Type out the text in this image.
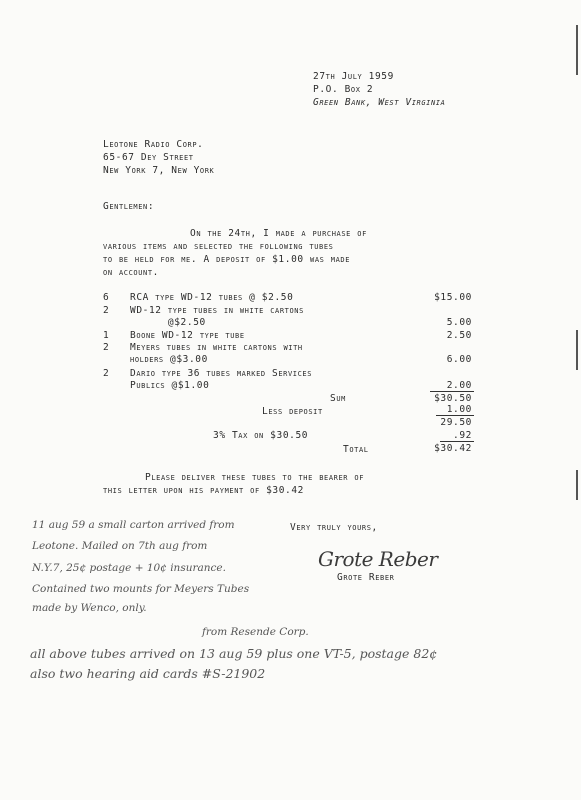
27th July 1959
P.O. Box 2
Green Bank, West Virginia
Leotone Radio Corp.
65-67 Dey Street
New York 7, New York
Gentlemen:
On the 24th, I made a purchase of
various items and selected the following tubes
to be held for me. A deposit of $1.00 was made
on account.
6 RCA type WD-12 tubes @ $2.50	$15.00
2 WD-12 type tubes in white cartons
@$2.50	5.00
1 Boone WD-12 type tube	2.50
2 Meyers tubes in white cartons with
holders @$3.00	6.00
2 Dario type 36 tubes marked Services
Publics @$1.00	2.00
Sum	$30.50
Less deposit	1.00
29.50
3% Tax on $30.50	.92
Total	$30.42
Please deliver these tubes to the bearer of
this letter upon his payment of $30.42
Very truly yours,
Grote Reber
Grote Reber
11 aug 59 a small carton arrived from
Leotone. Mailed on 7th aug from
N.Y.7, 25¢ postage + 10¢ insurance.
Contained two mounts for Meyers Tubes
made by Wenco, only.
from Resende Corp.
all above tubes arrived on 13 aug 59 plus one VT-5, postage 82¢
also two hearing aid cards #S-21902
